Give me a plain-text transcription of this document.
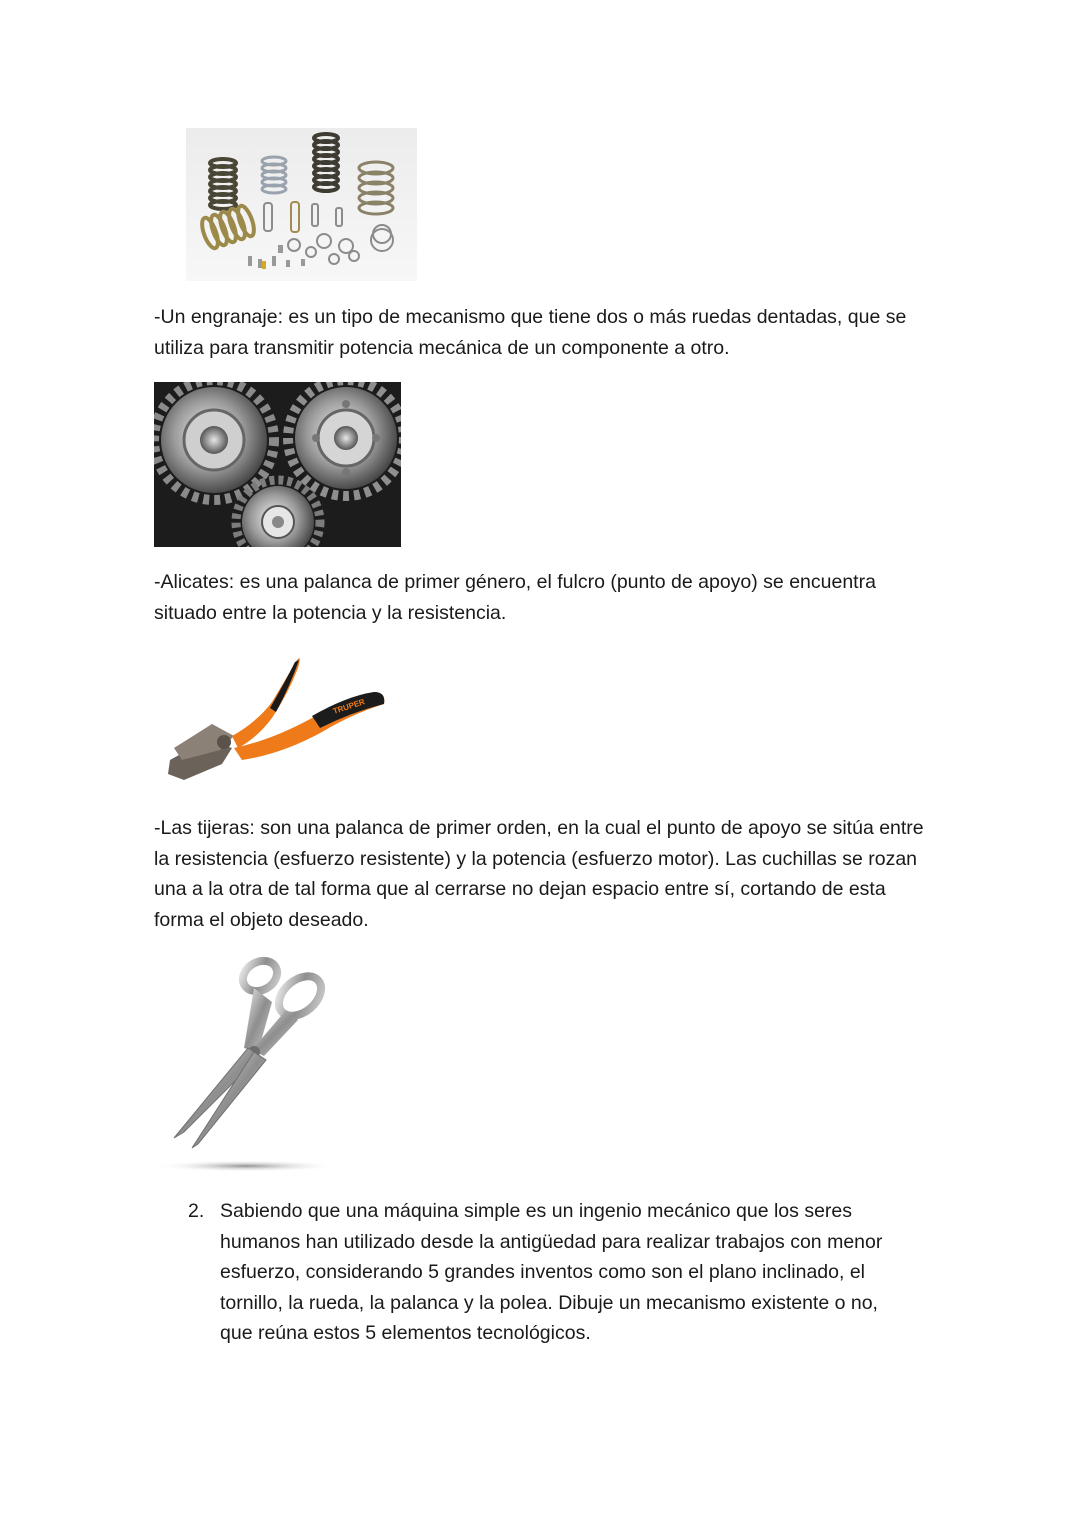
-Un engranaje: es un tipo de mecanismo que tiene dos o más ruedas dentadas, que se utiliza para transmitir potencia mecánica de un componente a otro.

-Alicates: es una palanca de primer género, el fulcro (punto de apoyo) se encuentra situado entre la potencia y la resistencia.

TRUPER

-Las tijeras: son una palanca de primer orden, en la cual el punto de apoyo se sitúa entre la resistencia (esfuerzo resistente) y la potencia (esfuerzo motor). Las cuchillas se rozan una a la otra de tal forma que al cerrarse no dejan espacio entre sí, cortando de esta forma el objeto deseado.

2. Sabiendo que una máquina simple es un ingenio mecánico que los seres humanos han utilizado desde la antigüedad para realizar trabajos con menor esfuerzo, considerando 5 grandes inventos como son el plano inclinado, el tornillo, la rueda, la palanca y la polea. Dibuje un mecanismo existente o no, que reúna estos 5 elementos tecnológicos.
